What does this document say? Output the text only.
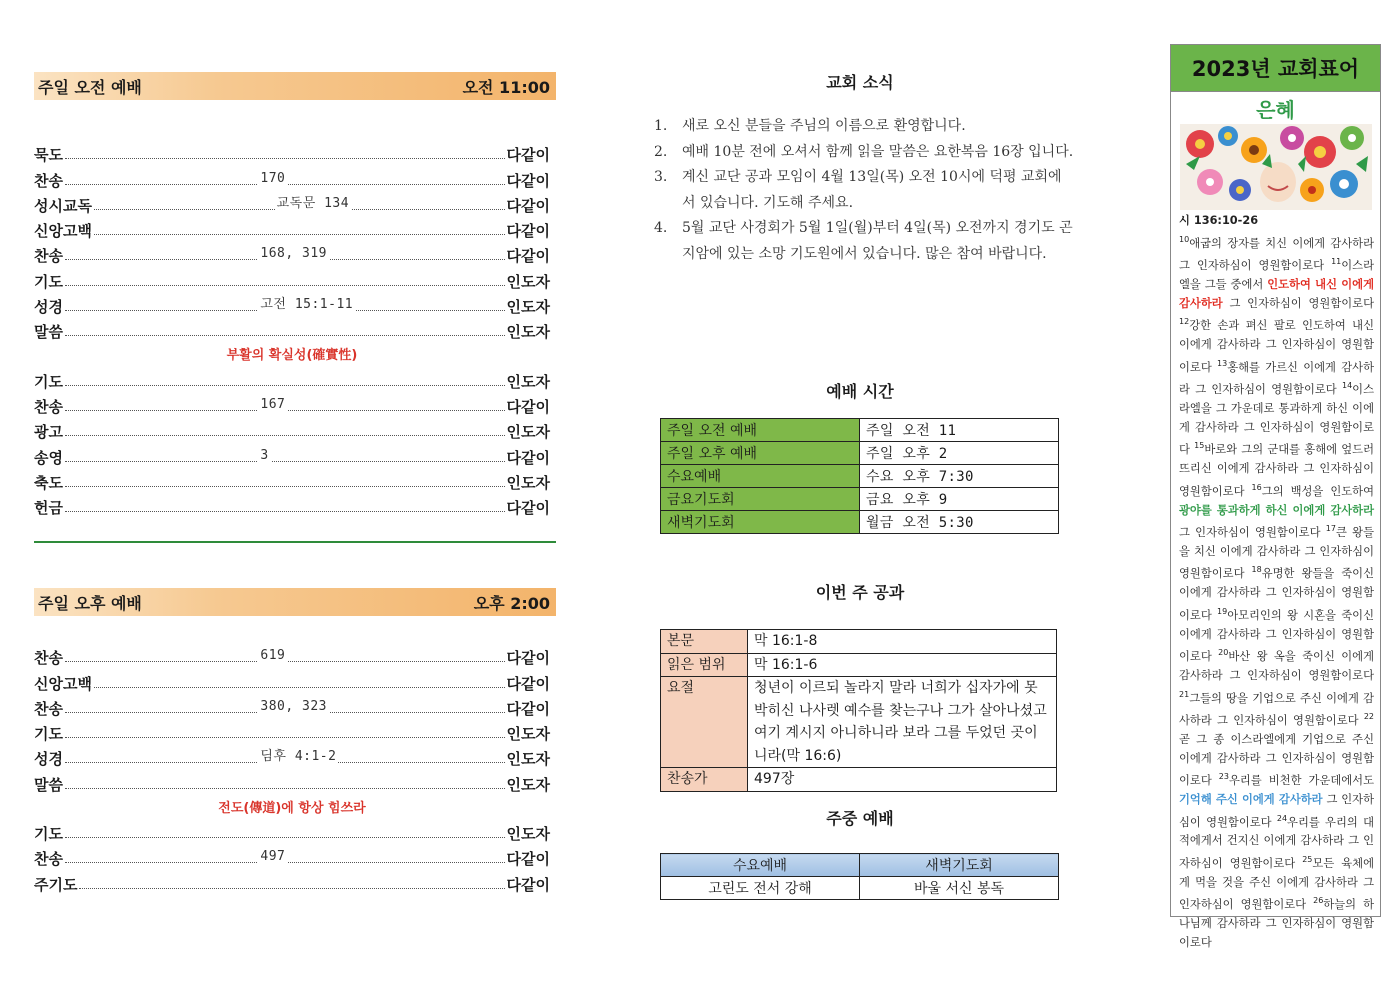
주일 오전 예배	오전 11:00
묵도	다같이
찬송	170	다같이
성시교독	교독문 134	다같이
신앙고백	다같이
찬송	168, 319	다같이
기도	인도자
성경	고전 15:1-11	인도자
말씀	인도자
부활의 확실성(確實性)
기도	인도자
찬송	167	다같이
광고	인도자
송영	3	다같이
축도	인도자
헌금	다같이
주일 오후 예배	오후 2:00
찬송	619	다같이
신앙고백	다같이
찬송	380, 323	다같이
기도	인도자
성경	딤후 4:1-2	인도자
말씀	인도자
전도(傳道)에 항상 힘쓰라
기도	인도자
찬송	497	다같이
주기도	다같이
교회 소식
1.	새로 오신 분들을 주님의 이름으로 환영합니다.
2.	예배 10분 전에 오셔서 함께 읽을 말씀은 요한복음 16장 입니다.
3.	계신 교단 공과 모임이 4월 13일(목) 오전 10시에 덕평 교회에서 있습니다. 기도해 주세요.
4.	5월 교단 사경회가 5월 1일(월)부터 4일(목) 오전까지 경기도 곤지암에 있는 소망 기도원에서 있습니다. 많은 참여 바랍니다.
예배 시간
주일 오전 예배	주일 오전 11
주일 오후 예배	주일 오후 2
수요예배	수요 오후 7:30
금요기도회	금요 오후 9
새벽기도회	월금 오전 5:30
이번 주 공과
본문	막 16:1-8
읽은 범위	막 16:1-6
요절	청년이 이르되 놀라지 말라 너희가 십자가에 못 박히신 나사렛 예수를 찾는구나 그가 살아나셨고 여기 계시지 아니하니라 보라 그를 두었던 곳이니라(막 16:6)
찬송가	497장
주중 예배
수요예배	새벽기도회
고린도 전서 강해	바울 서신 봉독
2023년 교회표어
은혜
시 136:10-26
$^{10}$애굽의 장자를 치신 이에게 감사하라 그 인자하심이 영원함이로다 $^{11}$이스라엘을 그들 중에서 인도하여 내신 이에게 감사하라 그 인자하심이 영원함이로다 $^{12}$강한 손과 펴신 팔로 인도하여 내신 이에게 감사하라 그 인자하심이 영원함이로다 $^{13}$홍해를 가르신 이에게 감사하라 그 인자하심이 영원함이로다 $^{14}$이스라엘을 그 가운데로 통과하게 하신 이에게 감사하라 그 인자하심이 영원함이로다 $^{15}$바로와 그의 군대를 홍해에 엎드러뜨리신 이에게 감사하라 그 인자하심이 영원함이로다 $^{16}$그의 백성을 인도하여 광야를 통과하게 하신 이에게 감사하라 그 인자하심이 영원함이로다 $^{17}$큰 왕들을 치신 이에게 감사하라 그 인자하심이 영원함이로다 $^{18}$유명한 왕들을 죽이신 이에게 감사하라 그 인자하심이 영원함이로다 $^{19}$아모리인의 왕 시혼을 죽이신 이에게 감사하라 그 인자하심이 영원함이로다 $^{20}$바산 왕 옥을 죽이신 이에게 감사하라 그 인자하심이 영원함이로다 $^{21}$그들의 땅을 기업으로 주신 이에게 감사하라 그 인자하심이 영원함이로다 $^{22}$곧 그 종 이스라엘에게 기업으로 주신 이에게 감사하라 그 인자하심이 영원함이로다 $^{23}$우리를 비천한 가운데에서도 기억해 주신 이에게 감사하라 그 인자하심이 영원함이로다 $^{24}$우리를 우리의 대적에게서 건지신 이에게 감사하라 그 인자하심이 영원함이로다 $^{25}$모든 육체에게 먹을 것을 주신 이에게 감사하라 그 인자하심이 영원함이로다 $^{26}$하늘의 하나님께 감사하라 그 인자하심이 영원함이로다
